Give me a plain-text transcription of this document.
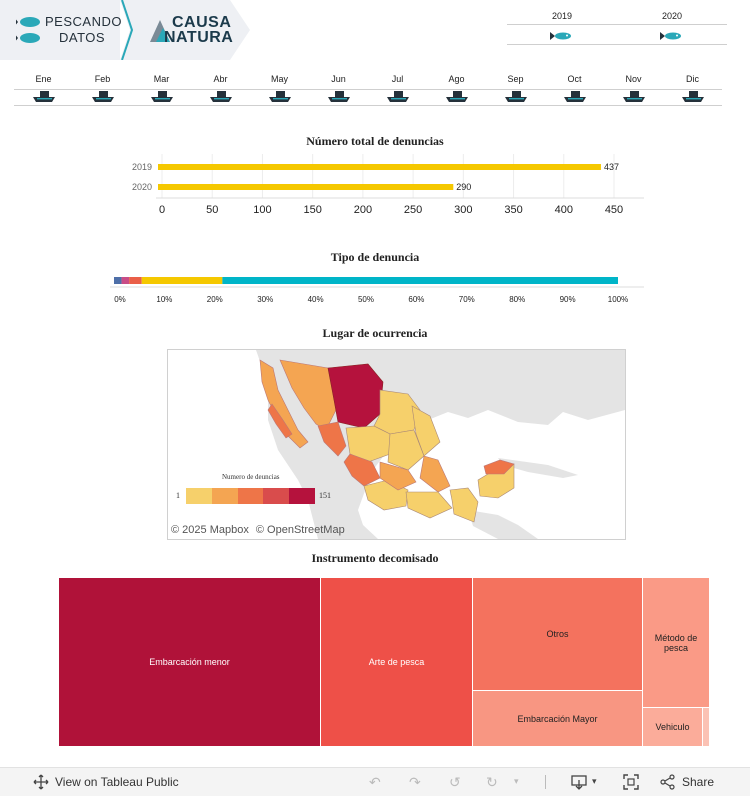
PESCANDO
DATOS
CAUSA
NATURA
2019	2020
Ene	Feb	Mar	Abr	May	Jun	Jul	Ago	Sep	Oct	Nov	Dic
Número total de denuncias
0	50	100	150	200	250	300	350	400	450
2019	437
2020	290
Tipo de denuncia
0%	10%	20%	30%	40%	50%	60%	70%	80%	90%	100%
Lugar de ocurrencia
Numero de deuncias
1	151
© 2025 Mapbox © OpenStreetMap
Instrumento decomisado
Embarcación menor	Arte de pesca
Otros
Embarcación Mayor
Método de pesca
Vehiculo
View on Tableau Public	↶ ↷ ↺ ↻ ▾	▾	Share
